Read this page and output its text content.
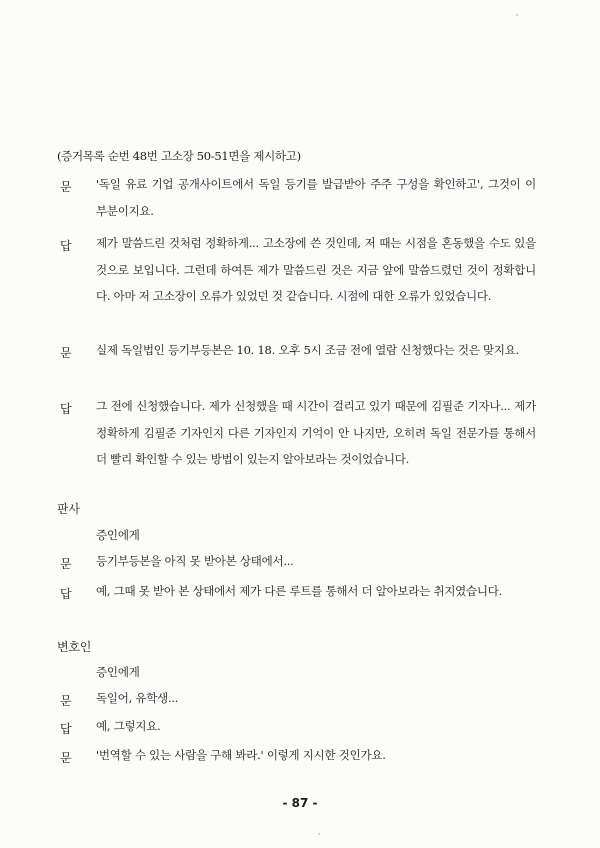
(증거목록 순번 48번 고소장 50-51면을 제시하고)
문 '독일 유료 기업 공개사이트에서 독일 등기를 발급받아 주주 구성을 확인하고', 그것이 이 부분이지요.
답 제가 말씀드린 것처럼 정확하게... 고소장에 쓴 것인데, 저 때는 시점을 혼동했을 수도 있을 것으로 보입니다. 그런데 하여튼 제가 말씀드린 것은 지금 앞에 말씀드렸던 것이 정확합니다. 아마 저 고소장이 오류가 있었던 것 같습니다. 시점에 대한 오류가 있었습니다.
문 실제 독일법인 등기부등본은 10. 18. 오후 5시 조금 전에 열람 신청했다는 것은 맞지요.
답 그 전에 신청했습니다. 제가 신청했을 때 시간이 걸리고 있기 때문에 김필준 기자나... 제가 정확하게 김필준 기자인지 다른 기자인지 기억이 안 나지만, 오히려 독일 전문가를 통해서 더 빨리 확인할 수 있는 방법이 있는지 알아보라는 것이었습니다.
판사
증인에게
문 등기부등본을 아직 못 받아본 상태에서...
답 예, 그때 못 받아 본 상태에서 제가 다른 루트를 통해서 더 알아보라는 취지였습니다.
변호인
증인에게
문 독일어, 유학생...
답 예, 그렇지요.
문 '번역할 수 있는 사람을 구해 봐라.' 이렇게 지시한 것인가요.
- 87 -
